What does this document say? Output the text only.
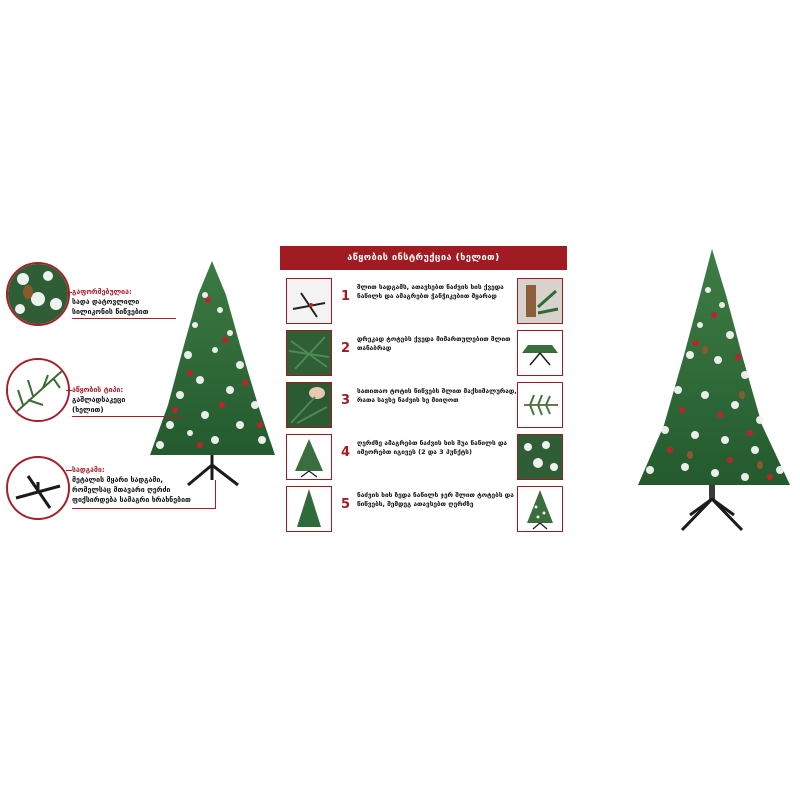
გაფორმებულია:
სადა დატოვლილი
სილიკონის წიწვებით
აწყობის ტიპი:
გაშლადსაკეცი
(ხელით)
სადგამი:
მეტალის მყარი სადგამი,
რომელსაც მთავარი ღერძი
ფიქსირდება სამაგრი ხრახნებით
აწყობის ინსტრუქცია (ხელით)
1
შლით სადგამს, ათავსებთ ნაძვის ხის ქვედა ნაწილს და ამაგრებთ ჭანჭიკებით მყარად
2
დრეკად ტოტებს ქვედა მიმართულებით შლით თანაბრად
3
სათითაო ტოტის წიწვებს შლით მაქსიმალურად, რათა სავსე ნაძვის ხე მიიღოთ
4
ღერძზე ამაგრებთ ნაძვის ხის შუა ნაწილს და იმეორებთ იგივეს (2 და 3 პუნქტს)
5
ნაძვის ხის ზედა ნაწილს ჯერ შლით ტოტებს და წიწვებს, შემდეგ ათავსებთ ღერძზე
